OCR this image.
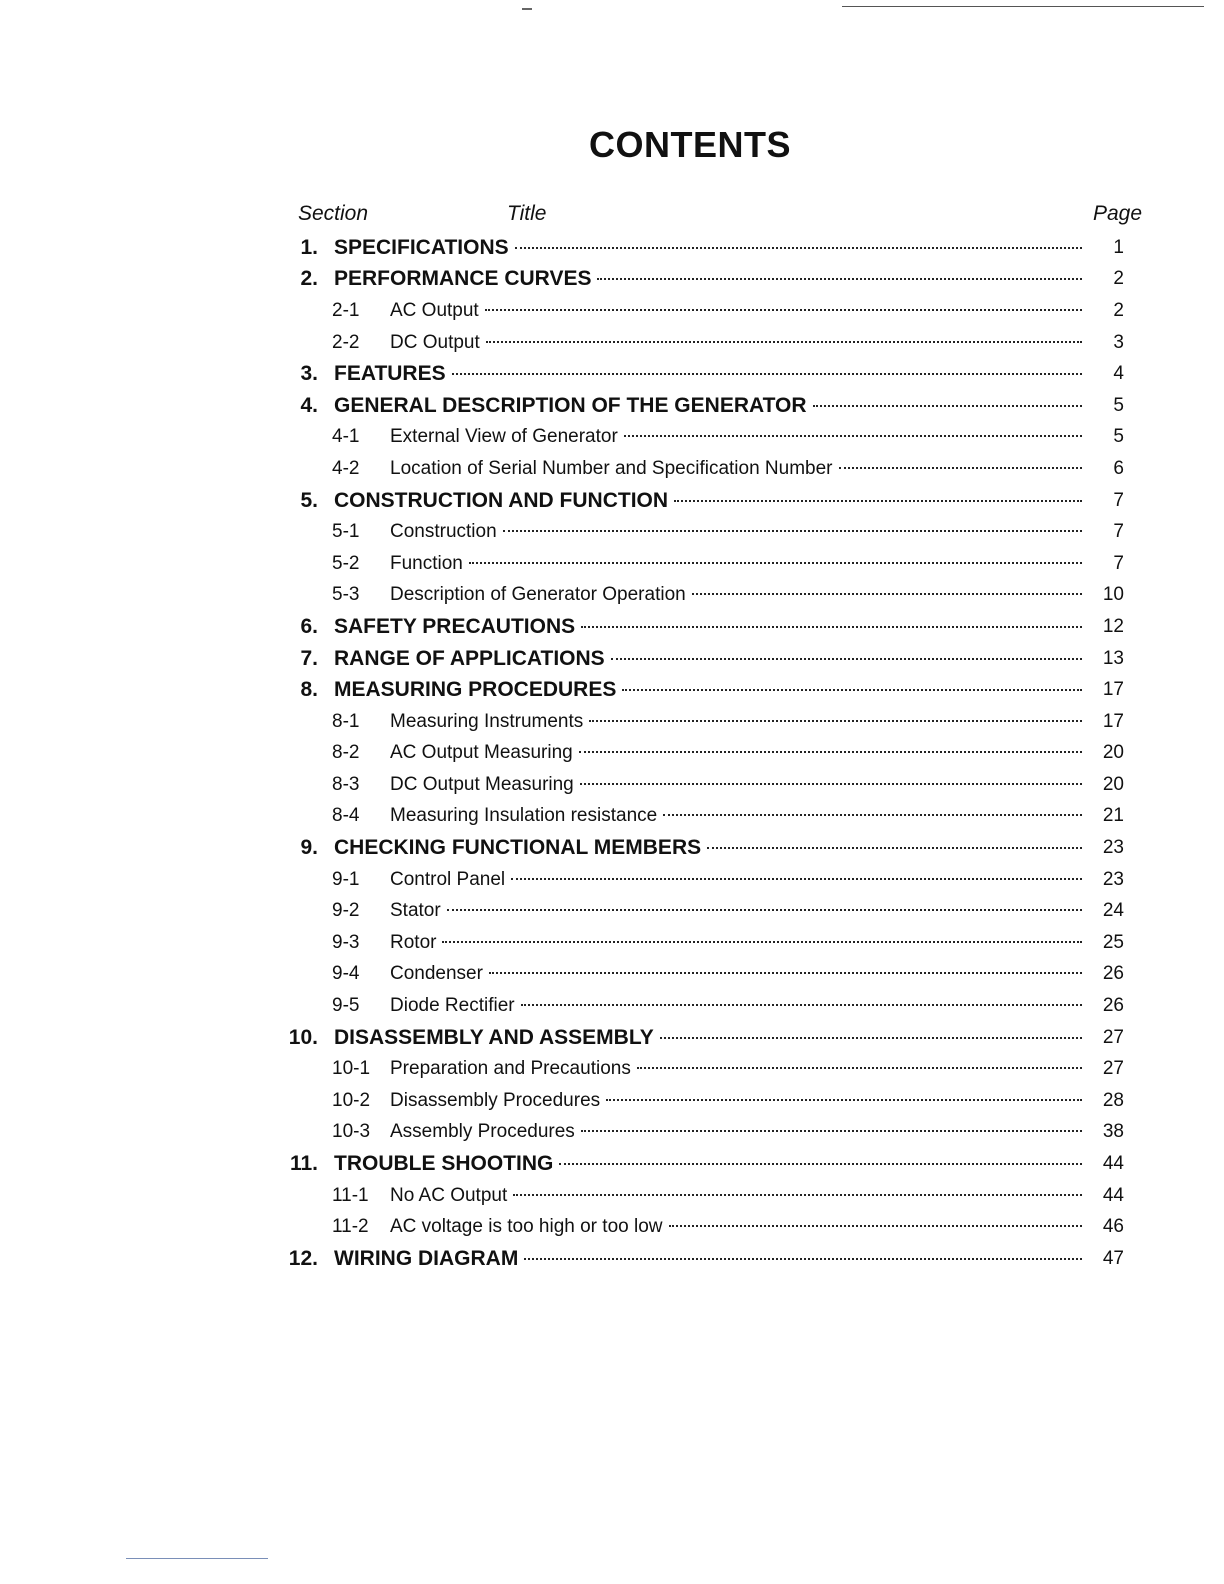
CONTENTS
Section	Title	Page
1. SPECIFICATIONS	1
2. PERFORMANCE CURVES	2
2-1	AC Output	2
2-2	DC Output	3
3. FEATURES	4
4. GENERAL DESCRIPTION OF THE GENERATOR	5
4-1	External View of Generator	5
4-2	Location of Serial Number and Specification Number	6
5. CONSTRUCTION AND FUNCTION	7
5-1	Construction	7
5-2	Function	7
5-3	Description of Generator Operation	10
6. SAFETY PRECAUTIONS	12
7. RANGE OF APPLICATIONS	13
8. MEASURING PROCEDURES	17
8-1	Measuring Instruments	17
8-2	AC Output Measuring	20
8-3	DC Output Measuring	20
8-4	Measuring Insulation resistance	21
9. CHECKING FUNCTIONAL MEMBERS	23
9-1	Control Panel	23
9-2	Stator	24
9-3	Rotor	25
9-4	Condenser	26
9-5	Diode Rectifier	26
10. DISASSEMBLY AND ASSEMBLY	27
10-1	Preparation and Precautions	27
10-2	Disassembly Procedures	28
10-3	Assembly Procedures	38
11. TROUBLE SHOOTING	44
11-1	No AC Output	44
11-2	AC voltage is too high or too low	46
12. WIRING DIAGRAM	47
